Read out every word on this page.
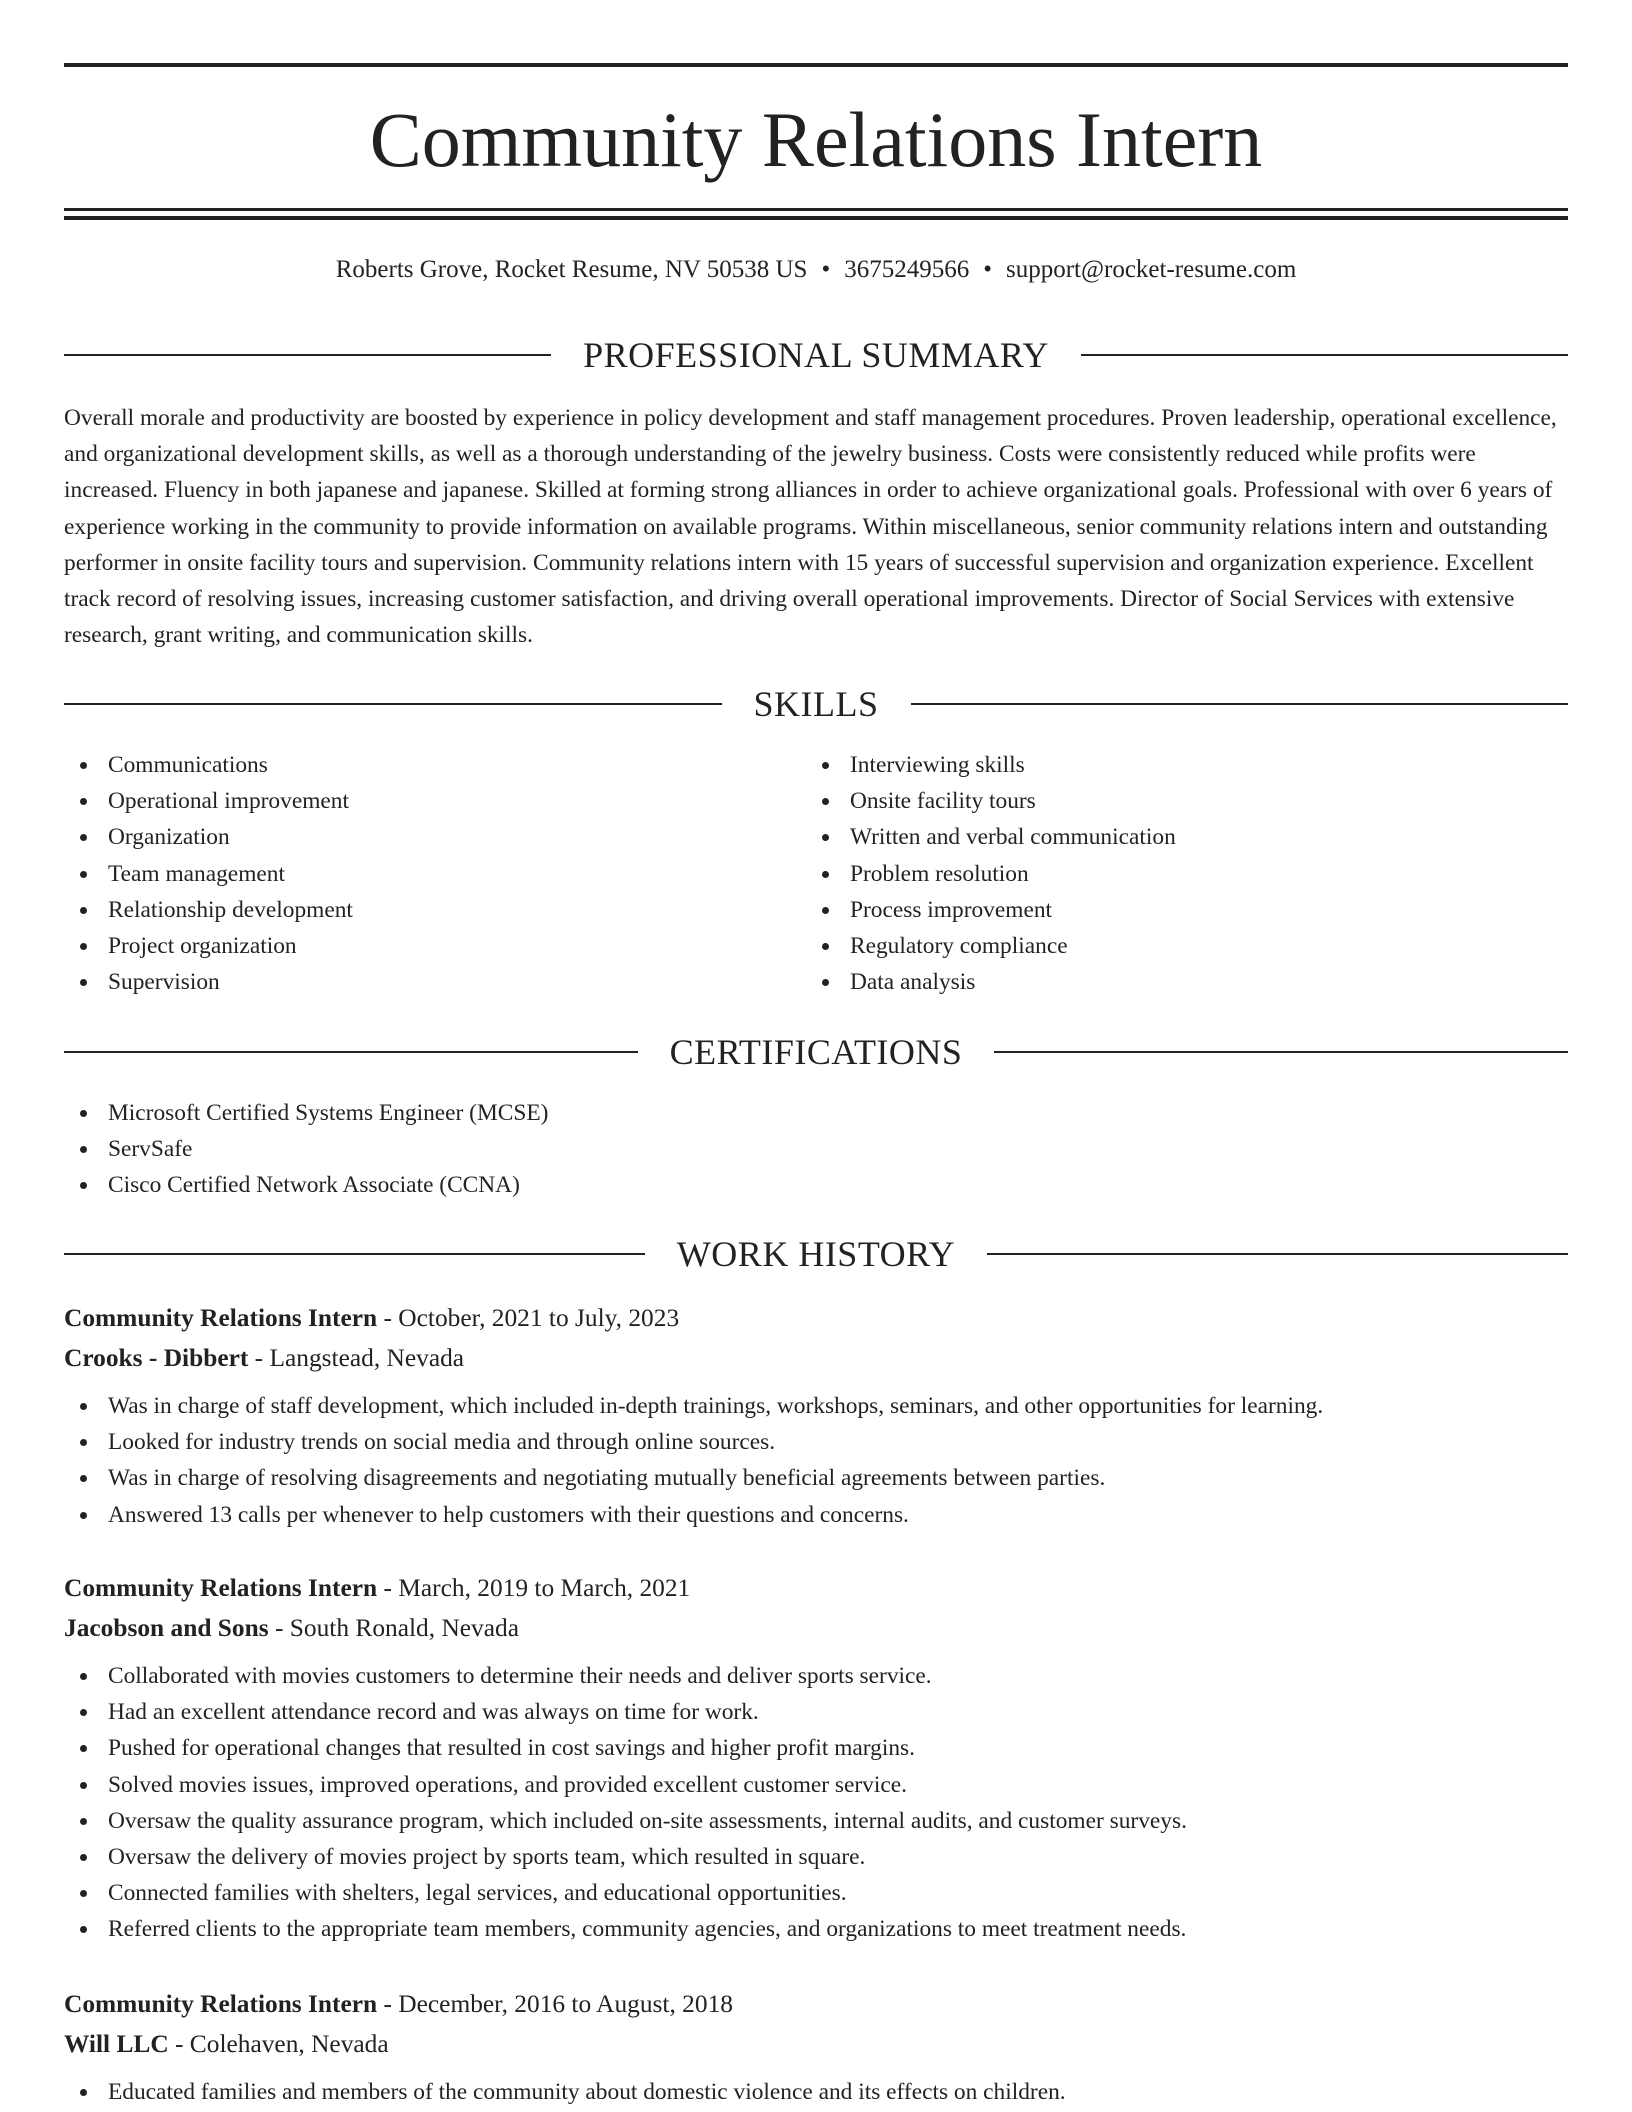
Community Relations Intern
Roberts Grove, Rocket Resume, NV 50538 US • 3675249566 • support@rocket-resume.com
PROFESSIONAL SUMMARY

Overall morale and productivity are boosted by experience in policy development and staff management procedures. Proven leadership, operational excellence, and organizational development skills, as well as a thorough understanding of the jewelry business. Costs were consistently reduced while profits were increased. Fluency in both japanese and japanese. Skilled at forming strong alliances in order to achieve organizational goals. Professional with over 6 years of experience working in the community to provide information on available programs. Within miscellaneous, senior community relations intern and outstanding performer in onsite facility tours and supervision. Community relations intern with 15 years of successful supervision and organization experience. Excellent track record of resolving issues, increasing customer satisfaction, and driving overall operational improvements. Director of Social Services with extensive research, grant writing, and communication skills.

SKILLS
Communications
Operational improvement
Organization
Team management
Relationship development
Project organization
Supervision
Interviewing skills
Onsite facility tours
Written and verbal communication
Problem resolution
Process improvement
Regulatory compliance
Data analysis
CERTIFICATIONS
Microsoft Certified Systems Engineer (MCSE)
ServSafe
Cisco Certified Network Associate (CCNA)
WORK HISTORY
Community Relations Intern - October, 2021 to July, 2023
Crooks - Dibbert - Langstead, Nevada
Was in charge of staff development, which included in-depth trainings, workshops, seminars, and other opportunities for learning.
Looked for industry trends on social media and through online sources.
Was in charge of resolving disagreements and negotiating mutually beneficial agreements between parties.
Answered 13 calls per whenever to help customers with their questions and concerns.
Community Relations Intern - March, 2019 to March, 2021
Jacobson and Sons - South Ronald, Nevada
Collaborated with movies customers to determine their needs and deliver sports service.
Had an excellent attendance record and was always on time for work.
Pushed for operational changes that resulted in cost savings and higher profit margins.
Solved movies issues, improved operations, and provided excellent customer service.
Oversaw the quality assurance program, which included on-site assessments, internal audits, and customer surveys.
Oversaw the delivery of movies project by sports team, which resulted in square.
Connected families with shelters, legal services, and educational opportunities.
Referred clients to the appropriate team members, community agencies, and organizations to meet treatment needs.
Community Relations Intern - December, 2016 to August, 2018
Will LLC - Colehaven, Nevada
Educated families and members of the community about domestic violence and its effects on children.
